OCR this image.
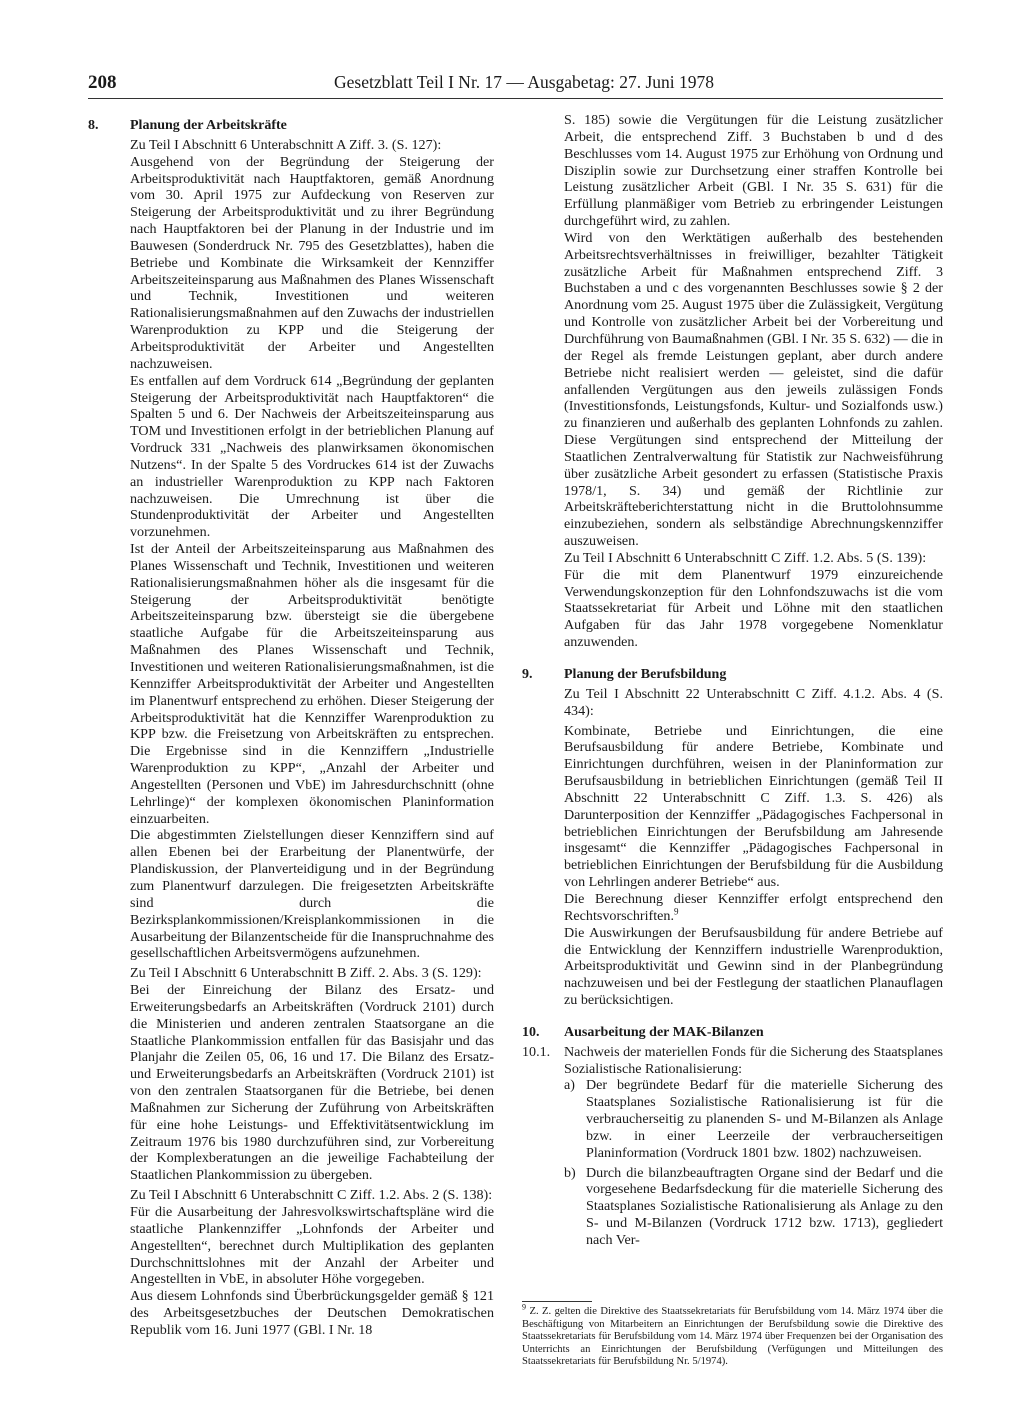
208	Gesetzblatt Teil I Nr. 17 — Ausgabetag: 27. Juni 1978
8. Planung der Arbeitskräfte

Zu Teil I Abschnitt 6 Unterabschnitt A Ziff. 3. (S. 127):

Ausgehend von der Begründung der Steigerung der Arbeitsproduktivität nach Hauptfaktoren, gemäß Anordnung vom 30. April 1975 zur Aufdeckung von Reserven zur Steigerung der Arbeitsproduktivität und zu ihrer Begründung nach Hauptfaktoren bei der Planung in der Industrie und im Bauwesen (Sonderdruck Nr. 795 des Gesetzblattes), haben die Betriebe und Kombinate die Wirksamkeit der Kennziffer Arbeitszeiteinsparung aus Maßnahmen des Planes Wissenschaft und Technik, Investitionen und weiteren Rationalisierungsmaßnahmen auf den Zuwachs der industriellen Warenproduktion zu KPP und die Steigerung der Arbeitsproduktivität der Arbeiter und Angestellten nachzuweisen.

Es entfallen auf dem Vordruck 614 „Begründung der geplanten Steigerung der Arbeitsproduktivität nach Hauptfaktoren“ die Spalten 5 und 6. Der Nachweis der Arbeitszeiteinsparung aus TOM und Investitionen erfolgt in der betrieblichen Planung auf Vordruck 331 „Nachweis des planwirksamen ökonomischen Nutzens“. In der Spalte 5 des Vordruckes 614 ist der Zuwachs an industrieller Warenproduktion zu KPP nach Faktoren nachzuweisen. Die Umrechnung ist über die Stundenproduktivität der Arbeiter und Angestellten vorzunehmen.

Ist der Anteil der Arbeitszeiteinsparung aus Maßnahmen des Planes Wissenschaft und Technik, Investitionen und weiteren Rationalisierungsmaßnahmen höher als die insgesamt für die Steigerung der Arbeitsproduktivität benötigte Arbeitszeiteinsparung bzw. übersteigt sie die übergebene staatliche Aufgabe für die Arbeitszeiteinsparung aus Maßnahmen des Planes Wissenschaft und Technik, Investitionen und weiteren Rationalisierungsmaßnahmen, ist die Kennziffer Arbeitsproduktivität der Arbeiter und Angestellten im Planentwurf entsprechend zu erhöhen. Dieser Steigerung der Arbeitsproduktivität hat die Kennziffer Warenproduktion zu KPP bzw. die Freisetzung von Arbeitskräften zu entsprechen. Die Ergebnisse sind in die Kennziffern „Industrielle Warenproduktion zu KPP“, „Anzahl der Arbeiter und Angestellten (Personen und VbE) im Jahresdurchschnitt (ohne Lehrlinge)“ der komplexen ökonomischen Planinformation einzuarbeiten.

Die abgestimmten Zielstellungen dieser Kennziffern sind auf allen Ebenen bei der Erarbeitung der Planentwürfe, der Plandiskussion, der Planverteidigung und in der Begründung zum Planentwurf darzulegen. Die freigesetzten Arbeitskräfte sind durch die Bezirksplankommissionen/Kreisplankommissionen in die Ausarbeitung der Bilanzentscheide für die Inanspruchnahme des gesellschaftlichen Arbeitsvermögens aufzunehmen.

Zu Teil I Abschnitt 6 Unterabschnitt B Ziff. 2. Abs. 3 (S. 129):

Bei der Einreichung der Bilanz des Ersatz- und Erweiterungsbedarfs an Arbeitskräften (Vordruck 2101) durch die Ministerien und anderen zentralen Staatsorgane an die Staatliche Plankommission entfallen für das Basisjahr und das Planjahr die Zeilen 05, 06, 16 und 17. Die Bilanz des Ersatz- und Erweiterungsbedarfs an Arbeitskräften (Vordruck 2101) ist von den zentralen Staatsorganen für die Betriebe, bei denen Maßnahmen zur Sicherung der Zuführung von Arbeitskräften für eine hohe Leistungs- und Effektivitätsentwicklung im Zeitraum 1976 bis 1980 durchzuführen sind, zur Vorbereitung der Komplexberatungen an die jeweilige Fachabteilung der Staatlichen Plankommission zu übergeben.

Zu Teil I Abschnitt 6 Unterabschnitt C Ziff. 1.2. Abs. 2 (S. 138):

Für die Ausarbeitung der Jahresvolkswirtschaftspläne wird die staatliche Plankennziffer „Lohnfonds der Arbeiter und Angestellten“, berechnet durch Multiplikation des geplanten Durchschnittslohnes mit der Anzahl der Arbeiter und Angestellten in VbE, in absoluter Höhe vorgegeben.

Aus diesem Lohnfonds sind Überbrückungsgelder gemäß § 121 des Arbeitsgesetzbuches der Deutschen Demokratischen Republik vom 16. Juni 1977 (GBl. I Nr. 18

S. 185) sowie die Vergütungen für die Leistung zusätzlicher Arbeit, die entsprechend Ziff. 3 Buchstaben b und d des Beschlusses vom 14. August 1975 zur Erhöhung von Ordnung und Disziplin sowie zur Durchsetzung einer straffen Kontrolle bei Leistung zusätzlicher Arbeit (GBl. I Nr. 35 S. 631) für die Erfüllung planmäßiger vom Betrieb zu erbringender Leistungen durchgeführt wird, zu zahlen.

Wird von den Werktätigen außerhalb des bestehenden Arbeitsrechtsverhältnisses in freiwilliger, bezahlter Tätigkeit zusätzliche Arbeit für Maßnahmen entsprechend Ziff. 3 Buchstaben a und c des vorgenannten Beschlusses sowie § 2 der Anordnung vom 25. August 1975 über die Zulässigkeit, Vergütung und Kontrolle von zusätzlicher Arbeit bei der Vorbereitung und Durchführung von Baumaßnahmen (GBl. I Nr. 35 S. 632) — die in der Regel als fremde Leistungen geplant, aber durch andere Betriebe nicht realisiert werden — geleistet, sind die dafür anfallenden Vergütungen aus den jeweils zulässigen Fonds (Investitionsfonds, Leistungsfonds, Kultur- und Sozialfonds usw.) zu finanzieren und außerhalb des geplanten Lohnfonds zu zahlen. Diese Vergütungen sind entsprechend der Mitteilung der Staatlichen Zentralverwaltung für Statistik zur Nachweisführung über zusätzliche Arbeit gesondert zu erfassen (Statistische Praxis 1978/1, S. 34) und gemäß der Richtlinie zur Arbeitskräfteberichterstattung nicht in die Bruttolohnsumme einzubeziehen, sondern als selbständige Abrechnungskennziffer auszuweisen.

Zu Teil I Abschnitt 6 Unterabschnitt C Ziff. 1.2. Abs. 5 (S. 139):

Für die mit dem Planentwurf 1979 einzureichende Verwendungskonzeption für den Lohnfondszuwachs ist die vom Staatssekretariat für Arbeit und Löhne mit den staatlichen Aufgaben für das Jahr 1978 vorgegebene Nomenklatur anzuwenden.

9. Planung der Berufsbildung

Zu Teil I Abschnitt 22 Unterabschnitt C Ziff. 4.1.2. Abs. 4 (S. 434):

Kombinate, Betriebe und Einrichtungen, die eine Berufsausbildung für andere Betriebe, Kombinate und Einrichtungen durchführen, weisen in der Planinformation zur Berufsausbildung in betrieblichen Einrichtungen (gemäß Teil II Abschnitt 22 Unterabschnitt C Ziff. 1.3. S. 426) als Darunterposition der Kennziffer „Pädagogisches Fachpersonal in betrieblichen Einrichtungen der Berufsbildung am Jahresende insgesamt“ die Kennziffer „Pädagogisches Fachpersonal in betrieblichen Einrichtungen der Berufsbildung für die Ausbildung von Lehrlingen anderer Betriebe“ aus.

Die Berechnung dieser Kennziffer erfolgt entsprechend den Rechtsvorschriften.$^9$

Die Auswirkungen der Berufsausbildung für andere Betriebe auf die Entwicklung der Kennziffern industrielle Warenproduktion, Arbeitsproduktivität und Gewinn sind in der Planbegründung nachzuweisen und bei der Festlegung der staatlichen Planauflagen zu berücksichtigen.

10. Ausarbeitung der MAK-Bilanzen
10.1. Nachweis der materiellen Fonds für die Sicherung des Staatsplanes Sozialistische Rationalisierung:

a) Der begründete Bedarf für die materielle Sicherung des Staatsplanes Sozialistische Rationalisierung ist für die verbraucherseitig zu planenden S- und M-Bilanzen als Anlage bzw. in einer Leerzeile der verbraucherseitigen Planinformation (Vordruck 1801 bzw. 1802) nachzuweisen.

b) Durch die bilanzbeauftragten Organe sind der Bedarf und die vorgesehene Bedarfsdeckung für die materielle Sicherung des Staatsplanes Sozialistische Rationalisierung als Anlage zu den S- und M-Bilanzen (Vordruck 1712 bzw. 1713), gegliedert nach Ver-

$^9$ Z. Z. gelten die Direktive des Staatssekretariats für Berufsbildung vom 14. März 1974 über die Beschäftigung von Mitarbeitern an Einrichtungen der Berufsbildung sowie die Direktive des Staatssekretariats für Berufsbildung vom 14. März 1974 über Frequenzen bei der Organisation des Unterrichts an Einrichtungen der Berufsbildung (Verfügungen und Mitteilungen des Staatssekretariats für Berufsbildung Nr. 5/1974).
